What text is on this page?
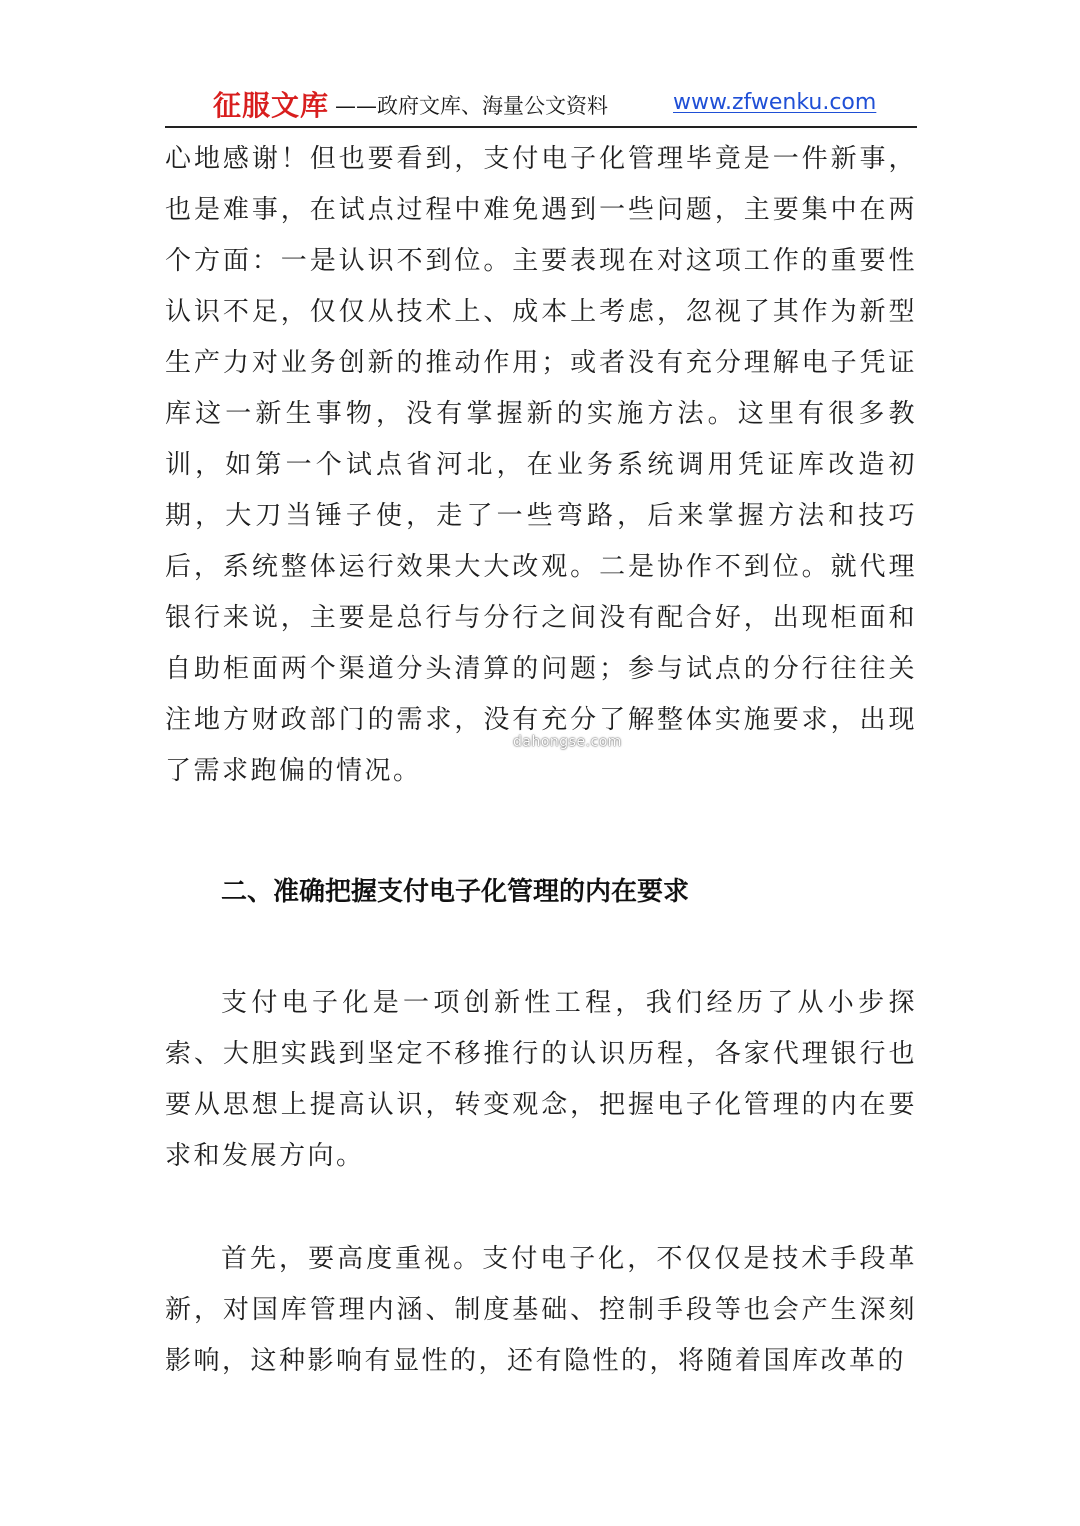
征服文库 ——政府文库、海量公文资料	www.zfwenku.com

心地感谢！但也要看到，支付电子化管理毕竟是一件新事，也是难事，在试点过程中难免遇到一些问题，主要集中在两个方面：一是认识不到位。主要表现在对这项工作的重要性认识不足，仅仅从技术上、成本上考虑，忽视了其作为新型生产力对业务创新的推动作用；或者没有充分理解电子凭证库这一新生事物，没有掌握新的实施方法。这里有很多教训，如第一个试点省河北，在业务系统调用凭证库改造初期，大刀当锤子使，走了一些弯路，后来掌握方法和技巧后，系统整体运行效果大大改观。二是协作不到位。就代理银行来说，主要是总行与分行之间没有配合好，出现柜面和自助柜面两个渠道分头清算的问题；参与试点的分行往往关注地方财政部门的需求，没有充分了解整体实施要求，出现了需求跑偏的情况。

二、准确把握支付电子化管理的内在要求

支付电子化是一项创新性工程，我们经历了从小步探索、大胆实践到坚定不移推行的认识历程，各家代理银行也要从思想上提高认识，转变观念，把握电子化管理的内在要求和发展方向。

首先，要高度重视。支付电子化，不仅仅是技术手段革新，对国库管理内涵、制度基础、控制手段等也会产生深刻影响，这种影响有显性的，还有隐性的，将随着国库改革的

dahongse.com
